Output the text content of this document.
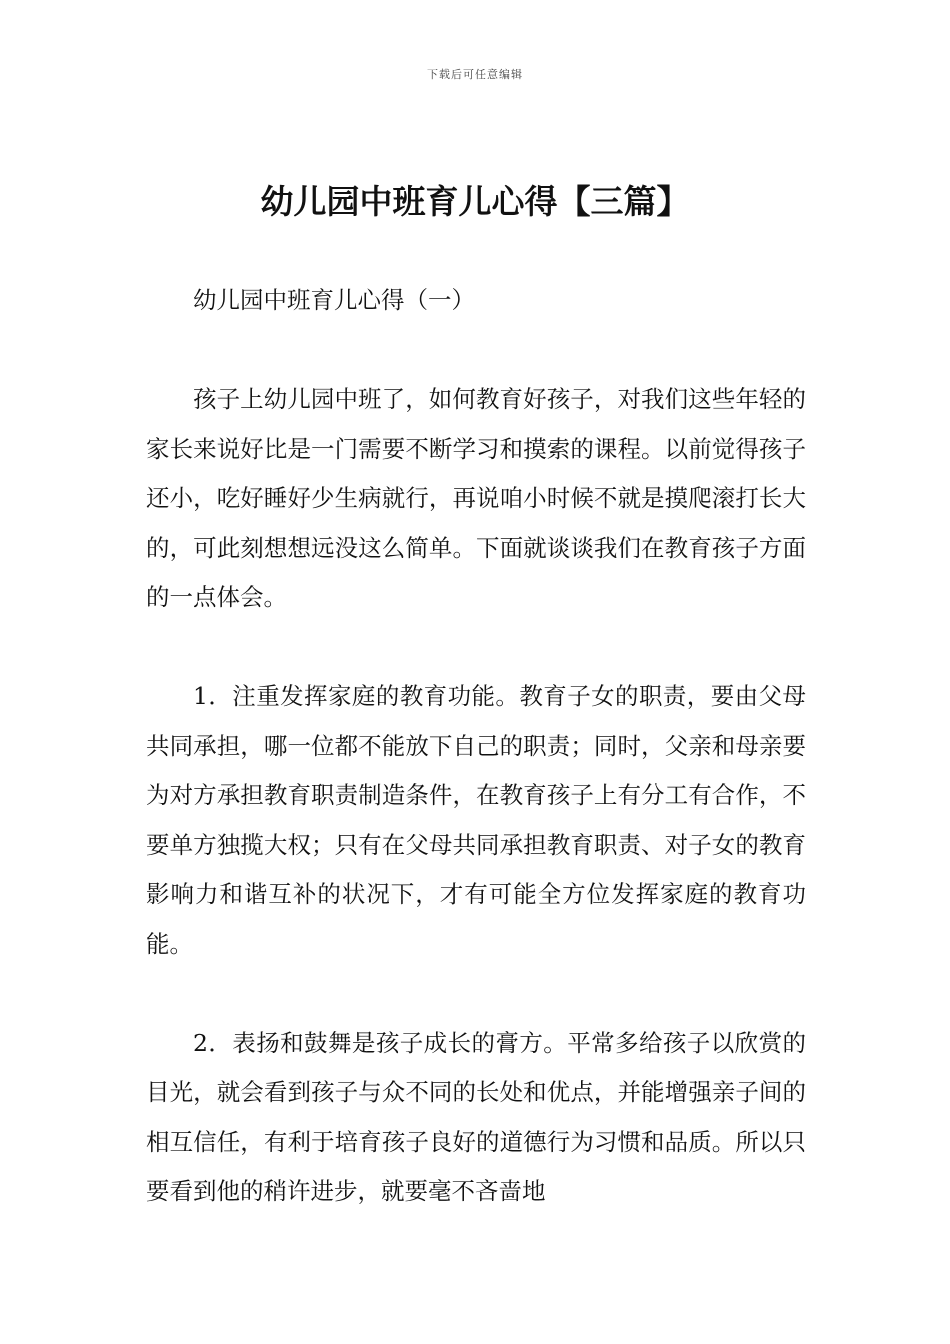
下载后可任意编辑
幼儿园中班育儿心得【三篇】

幼儿园中班育儿心得（一）

孩子上幼儿园中班了，如何教育好孩子，对我们这些年轻的家长来说好比是一门需要不断学习和摸索的课程。以前觉得孩子还小，吃好睡好少生病就行，再说咱小时候不就是摸爬滚打长大的，可此刻想想远没这么简单。下面就谈谈我们在教育孩子方面的一点体会。

1．注重发挥家庭的教育功能。教育子女的职责，要由父母共同承担，哪一位都不能放下自己的职责；同时，父亲和母亲要为对方承担教育职责制造条件，在教育孩子上有分工有合作，不要单方独揽大权；只有在父母共同承担教育职责、对子女的教育影响力和谐互补的状况下，才有可能全方位发挥家庭的教育功能。

2．表扬和鼓舞是孩子成长的膏方。平常多给孩子以欣赏的目光，就会看到孩子与众不同的长处和优点，并能增强亲子间的相互信任，有利于培育孩子良好的道德行为习惯和品质。所以只要看到他的稍许进步，就要毫不吝啬地
